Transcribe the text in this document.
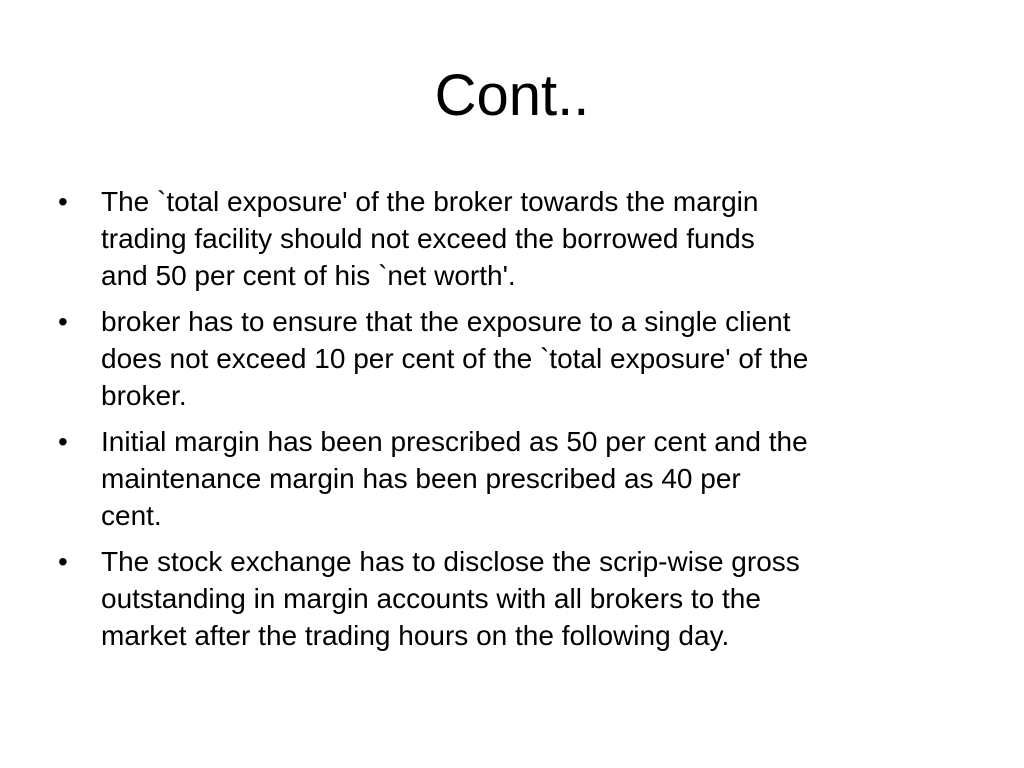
Cont..
•	The `total exposure' of the broker towards the margin
trading facility should not exceed the borrowed funds
and 50 per cent of his `net worth'.
•	broker has to ensure that the exposure to a single client
does not exceed 10 per cent of the `total exposure' of the
broker.
•	Initial margin has been prescribed as 50 per cent and the
maintenance margin has been prescribed as 40 per
cent.
•	The stock exchange has to disclose the scrip-wise gross
outstanding in margin accounts with all brokers to the
market after the trading hours on the following day.
